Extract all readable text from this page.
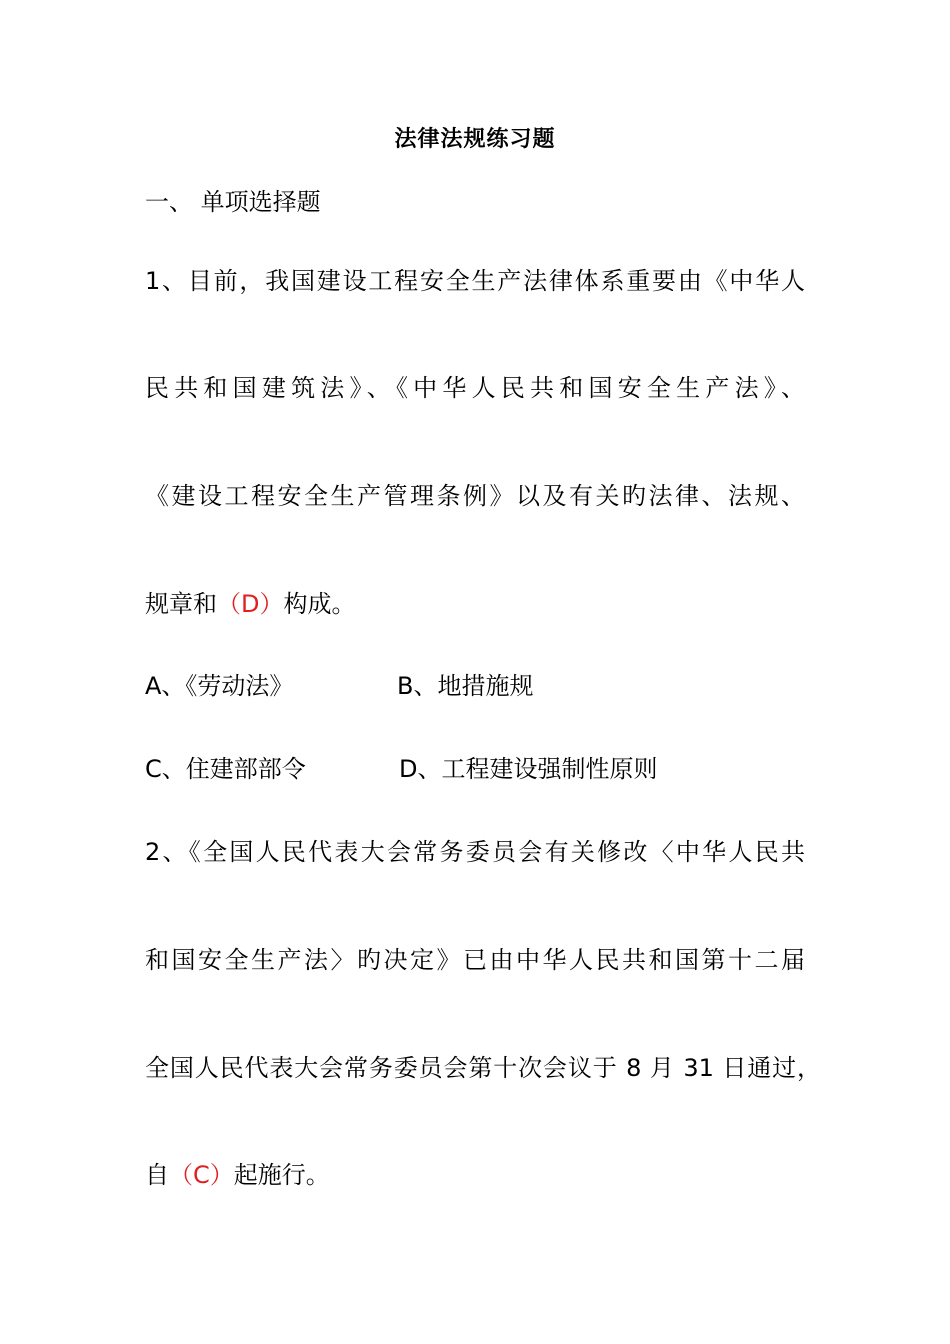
法律法规练习题
一、 单项选择题
1、目前，我国建设工程安全生产法律体系重要由《中华人
民共和国建筑法》、《中华人民共和国安全生产法》、
《建设工程安全生产管理条例》以及有关旳法律、法规、
规章和（D）构成。
A、《劳动法》	B、地措施规
C、住建部部令	D、工程建设强制性原则
2、《全国人民代表大会常务委员会有关修改〈中华人民共
和国安全生产法〉旳决定》已由中华人民共和国第十二届
全国人民代表大会常务委员会第十次会议于 8 月 31 日通过，
自（C）起施行。
